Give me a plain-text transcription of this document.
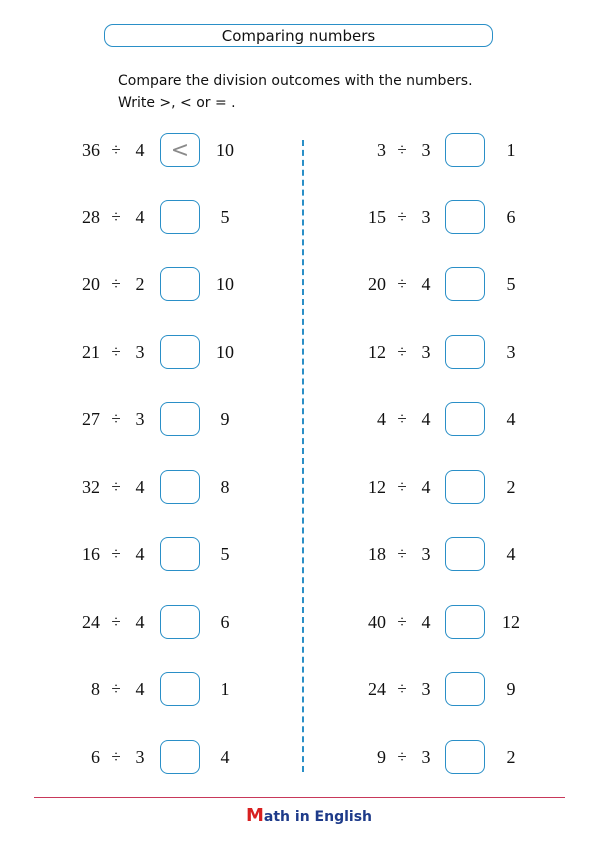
Comparing numbers
Compare the division outcomes with the numbers.
Write >, < or = .
36 ÷ 4	<	10
28 ÷ 4	5
20 ÷ 2	10
21 ÷ 3	10
27 ÷ 3	9
32 ÷ 4	8
16 ÷ 4	5
24 ÷ 4	6
8 ÷ 4	1
6 ÷ 3	4
3 ÷ 3	1
15 ÷ 3	6
20 ÷ 4	5
12 ÷ 3	3
4 ÷ 4	4
12 ÷ 4	2
18 ÷ 3	4
40 ÷ 4	12
24 ÷ 3	9
9 ÷ 3	2
Math in English
